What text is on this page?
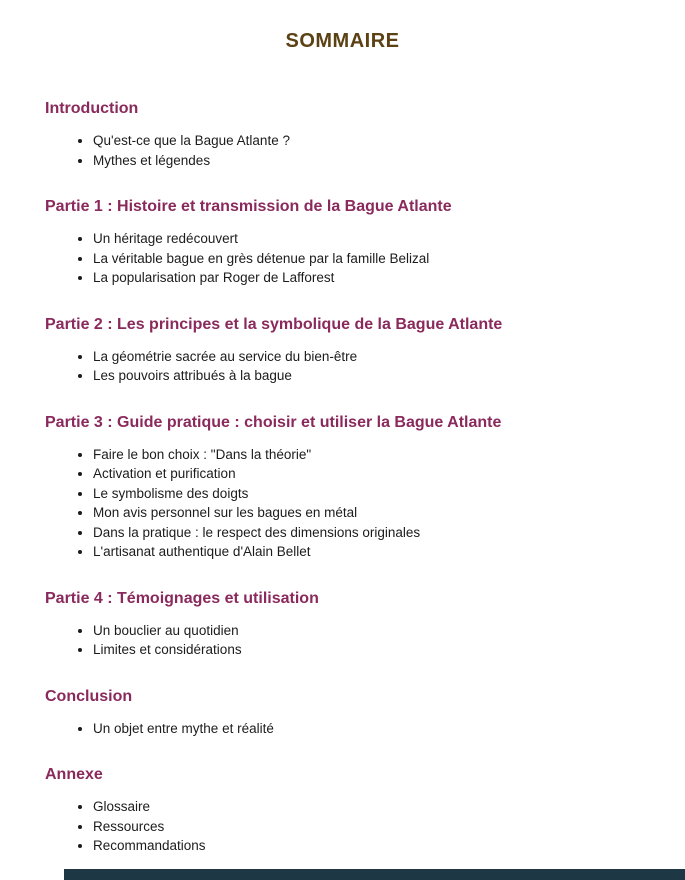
SOMMAIRE
Introduction
• Qu'est-ce que la Bague Atlante ?
• Mythes et légendes
Partie 1 : Histoire et transmission de la Bague Atlante
• Un héritage redécouvert
• La véritable bague en grès détenue par la famille Belizal
• La popularisation par Roger de Lafforest
Partie 2 : Les principes et la symbolique de la Bague Atlante
• La géométrie sacrée au service du bien-être
• Les pouvoirs attribués à la bague
Partie 3 : Guide pratique : choisir et utiliser la Bague Atlante
• Faire le bon choix : "Dans la théorie"
• Activation et purification
• Le symbolisme des doigts
• Mon avis personnel sur les bagues en métal
• Dans la pratique : le respect des dimensions originales
• L'artisanat authentique d'Alain Bellet
Partie 4 : Témoignages et utilisation
• Un bouclier au quotidien
• Limites et considérations
Conclusion
• Un objet entre mythe et réalité
Annexe
• Glossaire
• Ressources
• Recommandations
